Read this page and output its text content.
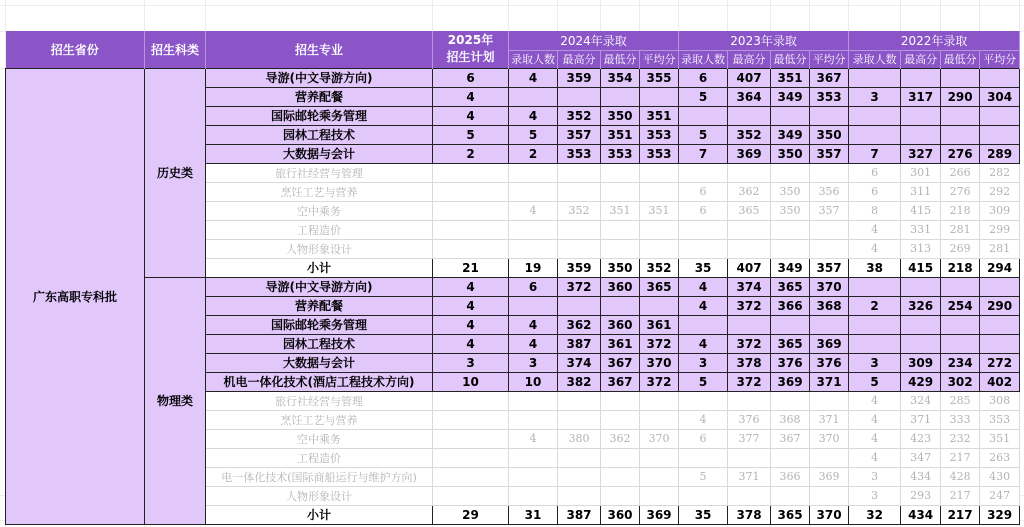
招生省份	招生科类	招生专业	2025年
招生计划	2024年录取				2023年录取				2022年录取			
				录取人数	最高分	最低分	平均分	录取人数	最高分	最低分	平均分	录取人数	最高分	最低分	平均分
广东高职专科批	历史类	导游(中文导游方向)	6	4	359	354	355	6	407	351	367				
		营养配餐	4					5	364	349	353	3	317	290	304
		国际邮轮乘务管理	4	4	352	350	351								
		园林工程技术	5	5	357	351	353	5	352	349	350				
		大数据与会计	2	2	353	353	353	7	369	350	357	7	327	276	289
		旅行社经营与管理										6	301	266	282
		烹饪工艺与营养						6	362	350	356	6	311	276	292
		空中乘务		4	352	351	351	6	365	350	357	8	415	218	309
		工程造价										4	331	281	299
		人物形象设计										4	313	269	281
		小计	21	19	359	350	352	35	407	349	357	38	415	218	294
	物理类	导游(中文导游方向)	4	6	372	360	365	4	374	365	370				
		营养配餐	4					4	372	366	368	2	326	254	290
		国际邮轮乘务管理	4	4	362	360	361								
		园林工程技术	4	4	387	361	372	4	372	365	369				
		大数据与会计	3	3	374	367	370	3	378	376	376	3	309	234	272
		机电一体化技术(酒店工程技术方向)	10	10	382	367	372	5	372	369	371	5	429	302	402
		旅行社经营与管理										4	324	285	308
		烹饪工艺与营养						4	376	368	371	4	371	333	353
		空中乘务		4	380	362	370	6	377	367	370	4	423	232	351
		工程造价										4	347	217	263
		电一体化技术(国际商船运行与维护方向)						5	371	366	369	3	434	428	430
		人物形象设计										3	293	217	247
		小计	29	31	387	360	369	35	378	365	370	32	434	217	329
